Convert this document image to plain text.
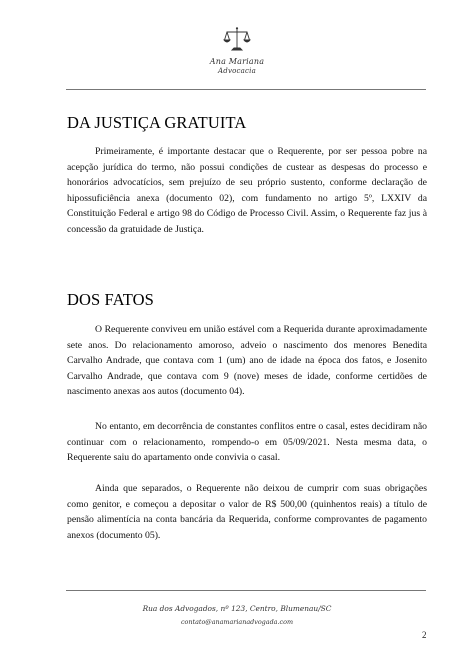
Ana Mariana
Advocacia
DA JUSTIÇA GRATUITA

Primeiramente, é importante destacar que o Requerente, por ser pessoa pobre na acepção jurídica do termo, não possui condições de custear as despesas do processo e honorários advocatícios, sem prejuízo de seu próprio sustento, conforme declaração de hipossuficiência anexa (documento 02), com fundamento no artigo 5º, LXXIV da Constituição Federal e artigo 98 do Código de Processo Civil. Assim, o Requerente faz jus à concessão da gratuidade de Justiça.

DOS FATOS

O Requerente conviveu em união estável com a Requerida durante aproximadamente sete anos. Do relacionamento amoroso, adveio o nascimento dos menores Benedita Carvalho Andrade, que contava com 1 (um) ano de idade na época dos fatos, e Josenito Carvalho Andrade, que contava com 9 (nove) meses de idade, conforme certidões de nascimento anexas aos autos (documento 04).

No entanto, em decorrência de constantes conflitos entre o casal, estes decidiram não continuar com o relacionamento, rompendo-o em 05/09/2021. Nesta mesma data, o Requerente saiu do apartamento onde convivia o casal.

Ainda que separados, o Requerente não deixou de cumprir com suas obrigações como genitor, e começou a depositar o valor de R$ 500,00 (quinhentos reais) a título de pensão alimentícia na conta bancária da Requerida, conforme comprovantes de pagamento anexos (documento 05).

Rua dos Advogados, nº 123, Centro, Blumenau/SC
contato@anamarianadvogada.com
2
